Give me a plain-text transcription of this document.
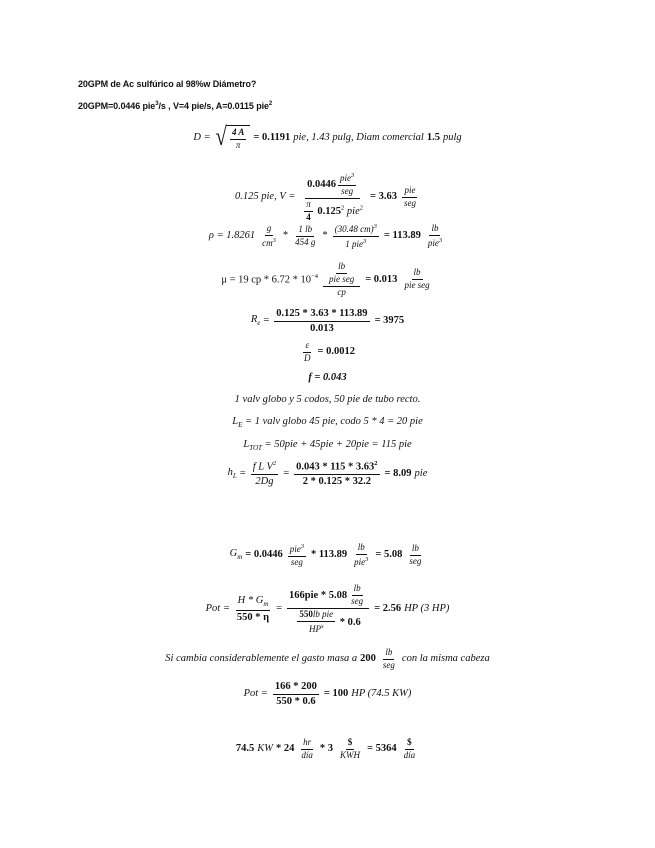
20GPM de Ac sulfúrico al 98%w Diámetro?
20GPM=0.0446 pie$^3$/s , V=4 pie/s, A=0.0115 pie$^2$
D = √ $\frac{4 A}{\pi} = 0.1191$ pie, 1.43 pulg, Diam comercial 1.5 pulg
0.125 pie, $V = \frac{0.0446 \frac{pie^3}{\text{seg}}}{\frac{\pi}{4} 0.125^2 pie^2} = 3.63 \frac{\text{pie}}{\text{seg}}$
$\rho = 1.8261 \frac{g}{cm^3} * \frac{1 lb}{454 g} * \frac{(30.48 cm)^3}{1 pie^3} = 113.89 \frac{lb}{pie^3}$
μ = 19 cp * $6.72 * 10^{-4} \frac{\frac{lb}{\text{pie seg}}}{cp} = 0.013 \frac{lb}{\text{pie seg}}$
$R_e = \frac{0.125 * 3.63 * 113.89}{0.013} = 3975$
$\frac{\varepsilon}{D} = 0.0012$
f = 0.043
1 valv globo y 5 codos, 50 pie de tubo recto.
$L_E = 1$ valv globo 45 pie, codo 5 * 4 = 20 pie
$L_{TOT} = 50pie + 45pie + 20pie = 115$ pie
$h_L = \frac{f L V^2}{2Dg} = \frac{0.043 * 115 * 3.63^2}{2 * 0.125 * 32.2} = 8.09$ pie
$G_m = 0.0446 \frac{pie^3}{\text{seg}} * 113.89 \frac{lb}{pie^3} = 5.08 \frac{lb}{\text{seg}}$
Pot = $\frac{H * G_m}{550 * \eta} = \frac{166pie * 5.08 \frac{lb}{\text{seg}}}{\frac{\text{550lb pie}}{HP^s} * 0.6} = 2.56$ HP (3 HP)
Si cambia considerablemente el gasto masa a $200 \frac{lb}{\text{seg}}$ con la misma cabeza
Pot = $\frac{166 * 200}{550 * 0.6} = 100$ HP (74.5 KW)
74.5 KW * $24 \frac{hr}{\text{día}} * 3 \frac{\$}{\text{KWH}} = 5364 \frac{\$}{\text{día}}$
